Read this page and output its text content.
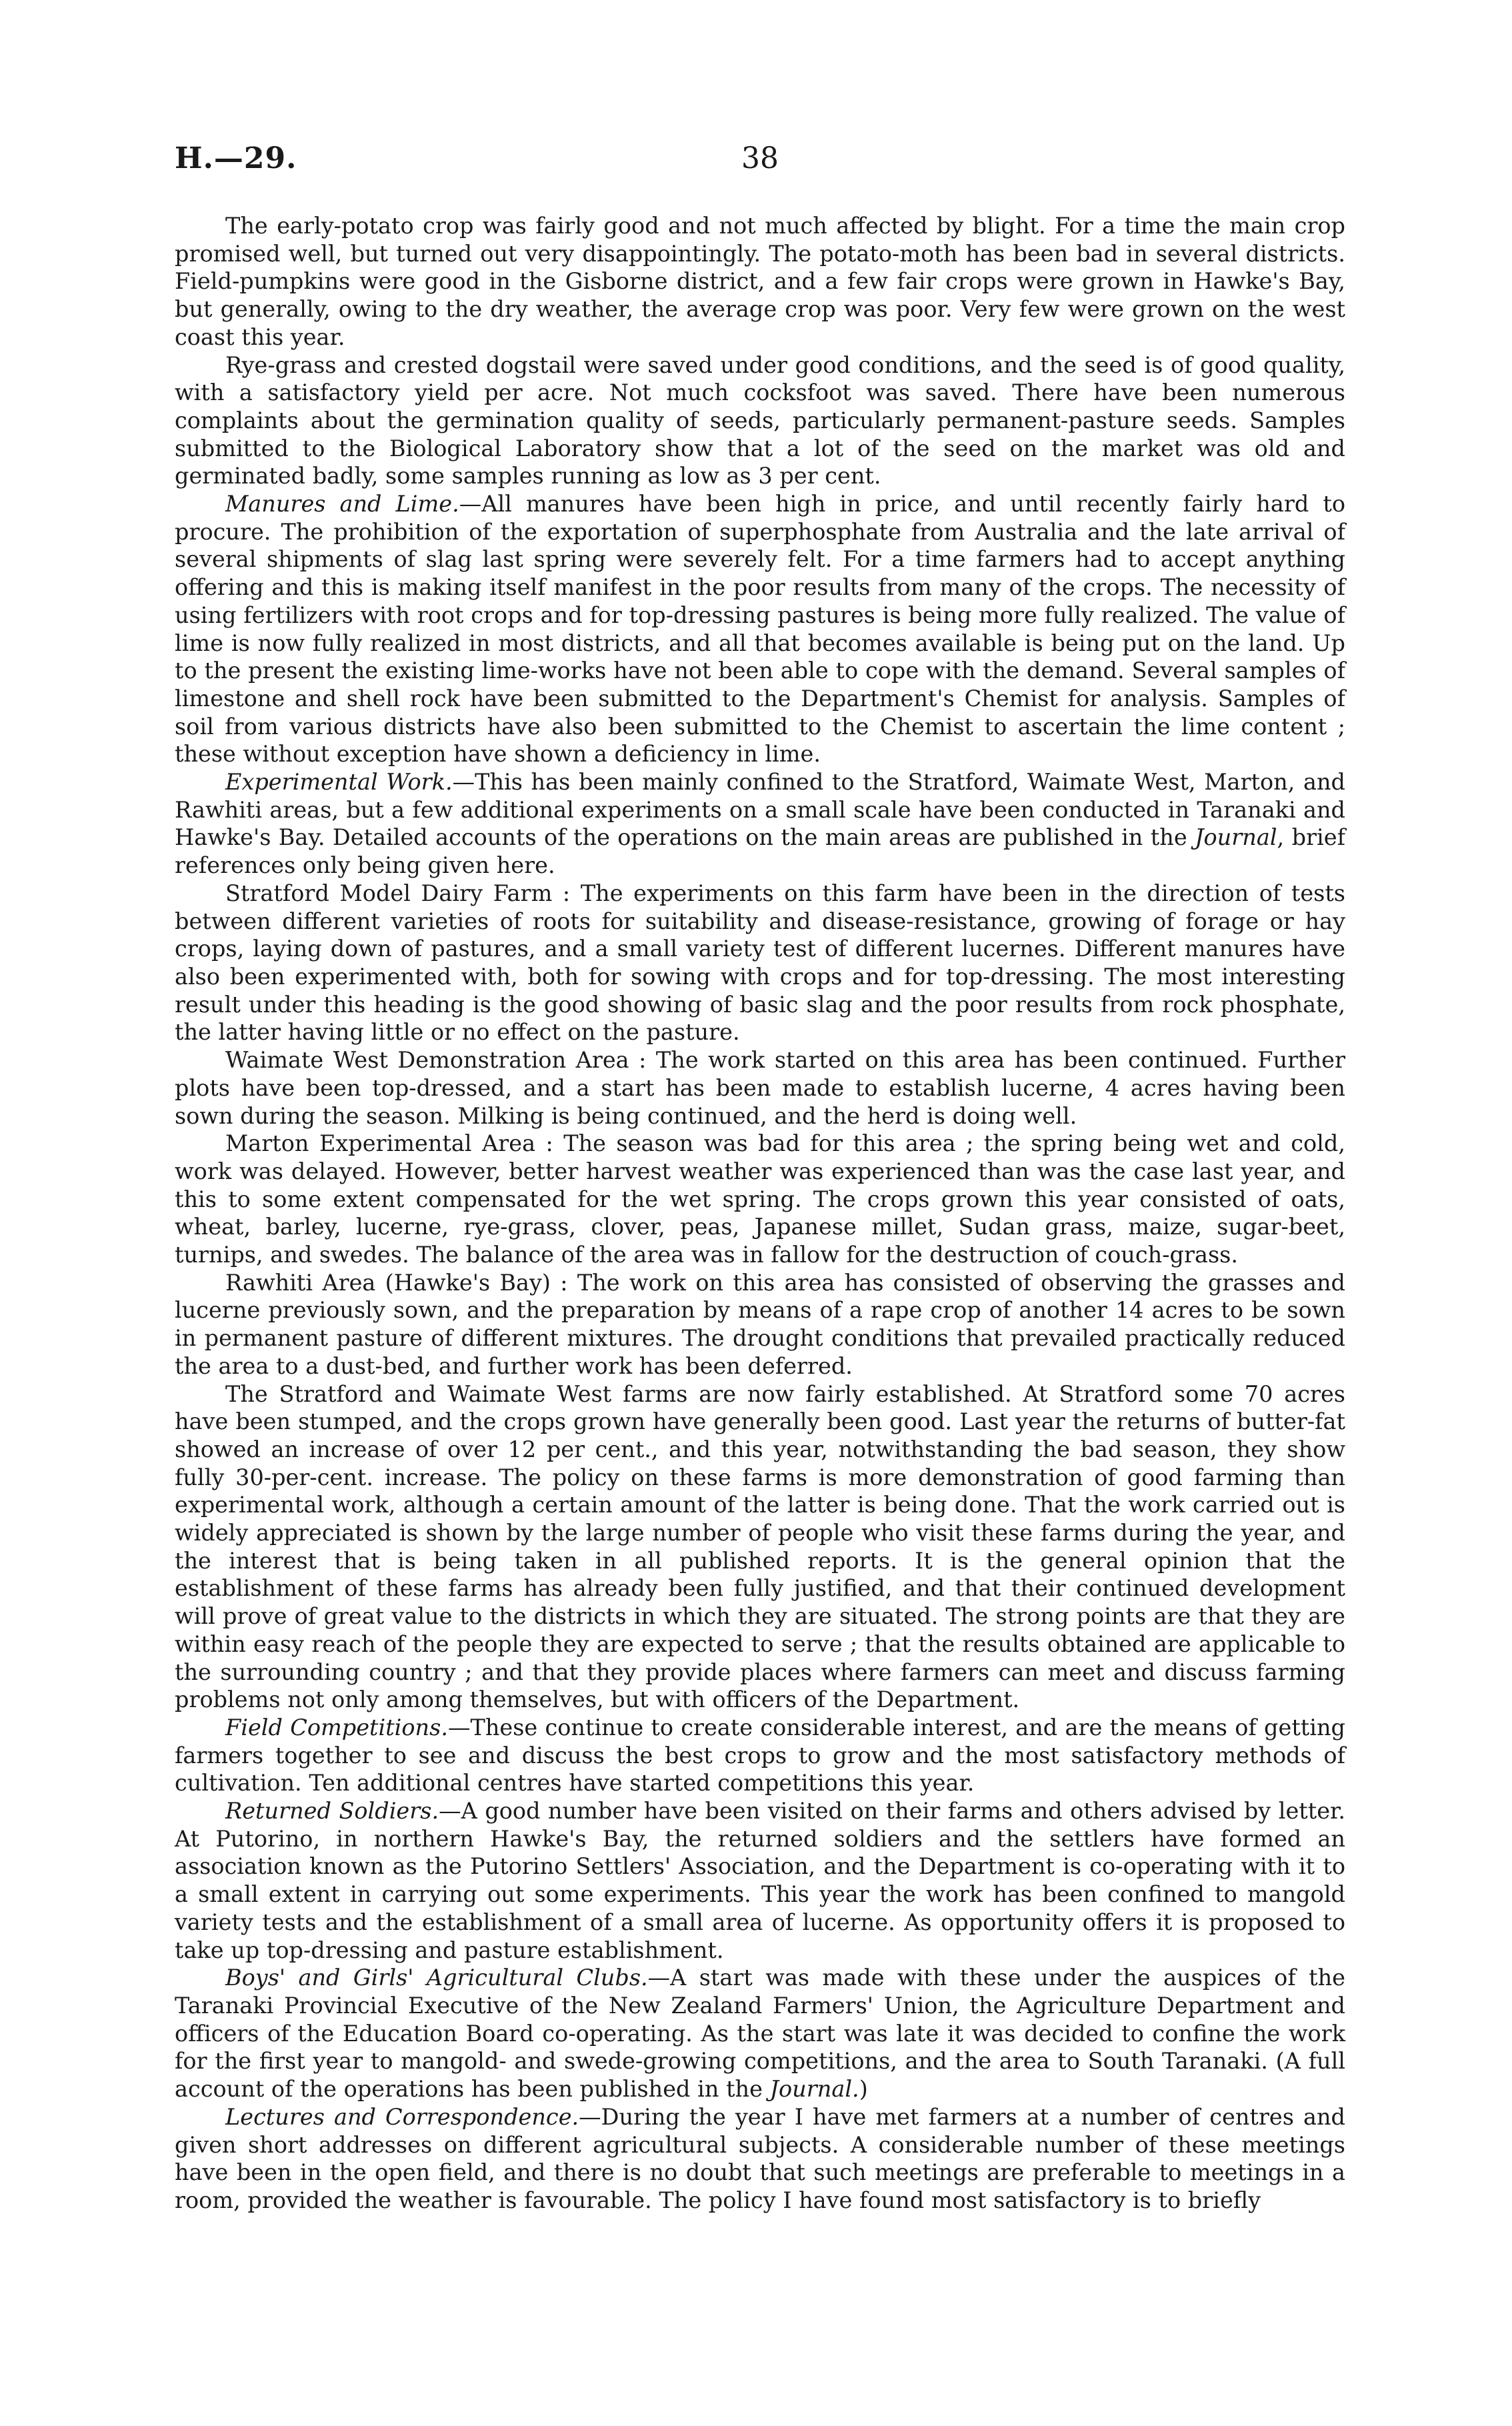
H.—29.	38

The early-potato crop was fairly good and not much affected by blight. For a time the main crop promised well, but turned out very disappointingly. The potato-moth has been bad in several districts. Field-pumpkins were good in the Gisborne district, and a few fair crops were grown in Hawke's Bay, but generally, owing to the dry weather, the average crop was poor. Very few were grown on the west coast this year.

Rye-grass and crested dogstail were saved under good conditions, and the seed is of good quality, with a satisfactory yield per acre. Not much cocksfoot was saved. There have been numerous complaints about the germination quality of seeds, particularly permanent-pasture seeds. Samples submitted to the Biological Laboratory show that a lot of the seed on the market was old and germinated badly, some samples running as low as 3 per cent.

Manures and Lime.—All manures have been high in price, and until recently fairly hard to procure. The prohibition of the exportation of superphosphate from Australia and the late arrival of several shipments of slag last spring were severely felt. For a time farmers had to accept anything offering and this is making itself manifest in the poor results from many of the crops. The necessity of using fertilizers with root crops and for top-dressing pastures is being more fully realized. The value of lime is now fully realized in most districts, and all that becomes available is being put on the land. Up to the present the existing lime-works have not been able to cope with the demand. Several samples of limestone and shell rock have been submitted to the Department's Chemist for analysis. Samples of soil from various districts have also been submitted to the Chemist to ascertain the lime content ; these without exception have shown a deficiency in lime.

Experimental Work.—This has been mainly confined to the Stratford, Waimate West, Marton, and Rawhiti areas, but a few additional experiments on a small scale have been conducted in Taranaki and Hawke's Bay. Detailed accounts of the operations on the main areas are published in the Journal, brief references only being given here.

Stratford Model Dairy Farm : The experiments on this farm have been in the direction of tests between different varieties of roots for suitability and disease-resistance, growing of forage or hay crops, laying down of pastures, and a small variety test of different lucernes. Different manures have also been experimented with, both for sowing with crops and for top-dressing. The most interesting result under this heading is the good showing of basic slag and the poor results from rock phosphate, the latter having little or no effect on the pasture.

Waimate West Demonstration Area : The work started on this area has been continued. Further plots have been top-dressed, and a start has been made to establish lucerne, 4 acres having been sown during the season. Milking is being continued, and the herd is doing well.

Marton Experimental Area : The season was bad for this area ; the spring being wet and cold, work was delayed. However, better harvest weather was experienced than was the case last year, and this to some extent compensated for the wet spring. The crops grown this year consisted of oats, wheat, barley, lucerne, rye-grass, clover, peas, Japanese millet, Sudan grass, maize, sugar-beet, turnips, and swedes. The balance of the area was in fallow for the destruction of couch-grass.

Rawhiti Area (Hawke's Bay) : The work on this area has consisted of observing the grasses and lucerne previously sown, and the preparation by means of a rape crop of another 14 acres to be sown in permanent pasture of different mixtures. The drought conditions that prevailed practically reduced the area to a dust-bed, and further work has been deferred.

The Stratford and Waimate West farms are now fairly established. At Stratford some 70 acres have been stumped, and the crops grown have generally been good. Last year the returns of butter-fat showed an increase of over 12 per cent., and this year, notwithstanding the bad season, they show fully 30-per-cent. increase. The policy on these farms is more demonstration of good farming than experimental work, although a certain amount of the latter is being done. That the work carried out is widely appreciated is shown by the large number of people who visit these farms during the year, and the interest that is being taken in all published reports. It is the general opinion that the establishment of these farms has already been fully justified, and that their continued development will prove of great value to the districts in which they are situated. The strong points are that they are within easy reach of the people they are expected to serve ; that the results obtained are applicable to the surrounding country ; and that they provide places where farmers can meet and discuss farming problems not only among themselves, but with officers of the Department.

Field Competitions.—These continue to create considerable interest, and are the means of getting farmers together to see and discuss the best crops to grow and the most satisfactory methods of cultivation. Ten additional centres have started competitions this year.

Returned Soldiers.—A good number have been visited on their farms and others advised by letter. At Putorino, in northern Hawke's Bay, the returned soldiers and the settlers have formed an association known as the Putorino Settlers' Association, and the Department is co-operating with it to a small extent in carrying out some experiments. This year the work has been confined to mangold variety tests and the establishment of a small area of lucerne. As opportunity offers it is proposed to take up top-dressing and pasture establishment.

Boys' and Girls' Agricultural Clubs.—A start was made with these under the auspices of the Taranaki Provincial Executive of the New Zealand Farmers' Union, the Agriculture Department and officers of the Education Board co-operating. As the start was late it was decided to confine the work for the first year to mangold- and swede-growing competitions, and the area to South Taranaki. (A full account of the operations has been published in the Journal.)

Lectures and Correspondence.—During the year I have met farmers at a number of centres and given short addresses on different agricultural subjects. A considerable number of these meetings have been in the open field, and there is no doubt that such meetings are preferable to meetings in a room, provided the weather is favourable. The policy I have found most satisfactory is to briefly
